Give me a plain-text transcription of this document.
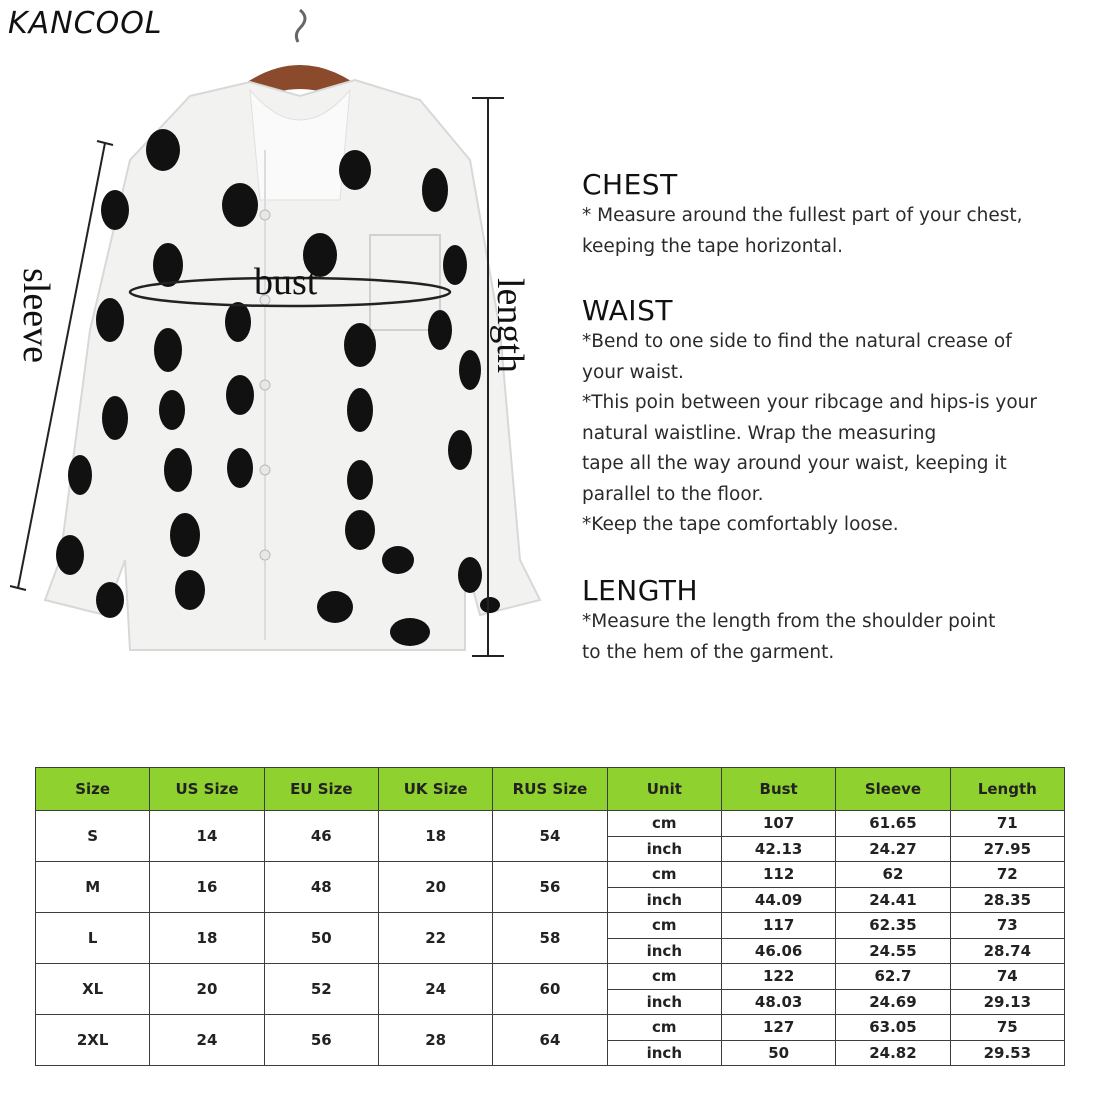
KANCOOL
bust
sleeve	length
CHEST

* Measure around the fullest part of your chest,

keeping the tape horizontal.

WAIST

*Bend to one side to find the natural crease of

your waist.

*This poin between your ribcage and hips-is your

natural waistline. Wrap the measuring

tape all the way around your waist, keeping it

parallel to the floor.

*Keep the tape comfortably loose.

LENGTH

*Measure the length from the shoulder point

to the hem of the garment.

Size	US Size	EU Size	UK Size	RUS Size	Unit	Bust	Sleeve	Length
S	14	46	18	54	cm	107	61.65	71
					inch	42.13	24.27	27.95
M	16	48	20	56	cm	112	62	72
					inch	44.09	24.41	28.35
L	18	50	22	58	cm	117	62.35	73
					inch	46.06	24.55	28.74
XL	20	52	24	60	cm	122	62.7	74
					inch	48.03	24.69	29.13
2XL	24	56	28	64	cm	127	63.05	75
					inch	50	24.82	29.53
